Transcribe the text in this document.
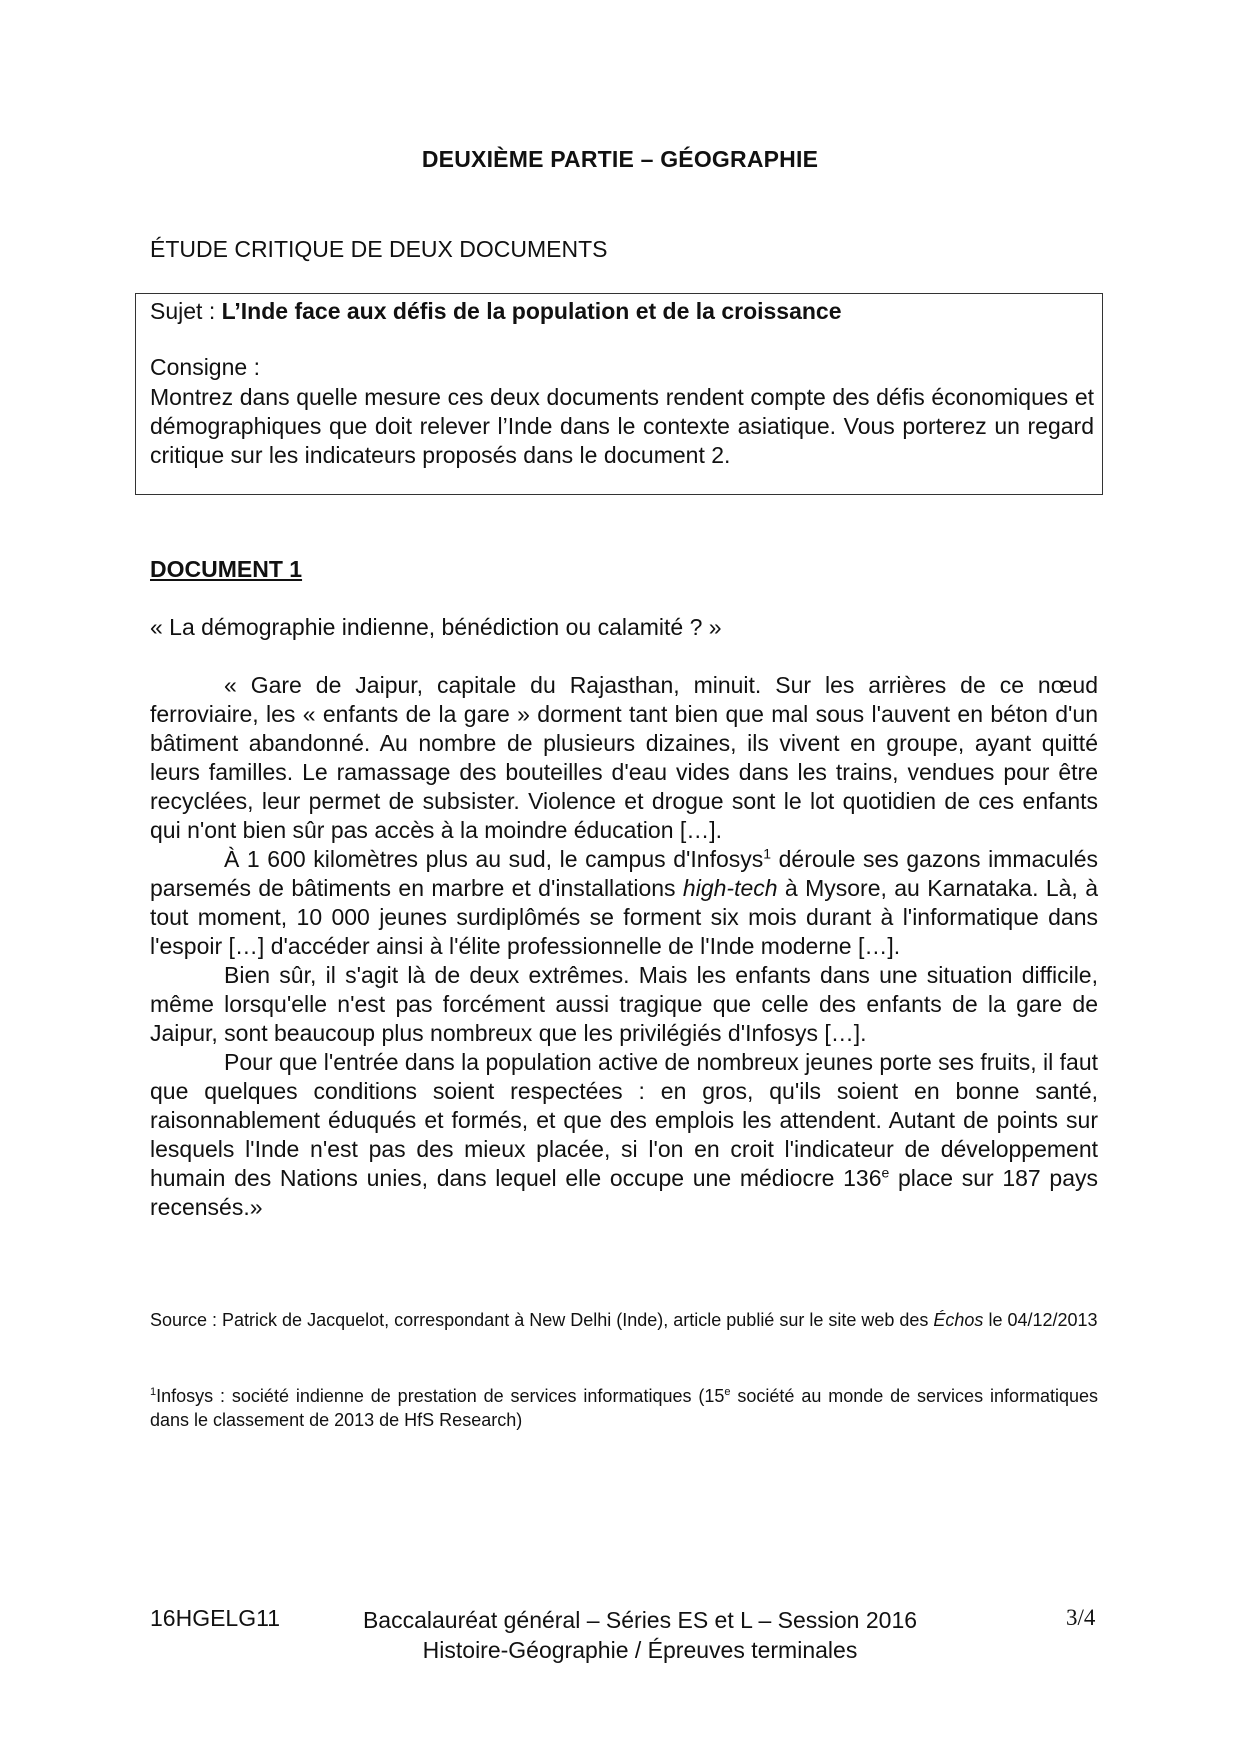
DEUXIÈME PARTIE – GÉOGRAPHIE
ÉTUDE CRITIQUE DE DEUX DOCUMENTS
Sujet : L’Inde face aux défis de la population et de la croissance
Consigne :
Montrez dans quelle mesure ces deux documents rendent compte des défis économiques et démographiques que doit relever l’Inde dans le contexte asiatique. Vous porterez un regard critique sur les indicateurs proposés dans le document 2.
DOCUMENT 1
« La démographie indienne, bénédiction ou calamité ? »

« Gare de Jaipur, capitale du Rajasthan, minuit. Sur les arrières de ce nœud ferroviaire, les « enfants de la gare » dorment tant bien que mal sous l'auvent en béton d'un bâtiment abandonné. Au nombre de plusieurs dizaines, ils vivent en groupe, ayant quitté leurs familles. Le ramassage des bouteilles d'eau vides dans les trains, vendues pour être recyclées, leur permet de subsister. Violence et drogue sont le lot quotidien de ces enfants qui n'ont bien sûr pas accès à la moindre éducation […].

À 1 600 kilomètres plus au sud, le campus d'Infosys$^1$ déroule ses gazons immaculés parsemés de bâtiments en marbre et d'installations high-tech à Mysore, au Karnataka. Là, à tout moment, 10 000 jeunes surdiplômés se forment six mois durant à l'informatique dans l'espoir […] d'accéder ainsi à l'élite professionnelle de l'Inde moderne […].

Bien sûr, il s'agit là de deux extrêmes. Mais les enfants dans une situation difficile, même lorsqu'elle n'est pas forcément aussi tragique que celle des enfants de la gare de Jaipur, sont beaucoup plus nombreux que les privilégiés d'Infosys […].

Pour que l'entrée dans la population active de nombreux jeunes porte ses fruits, il faut que quelques conditions soient respectées : en gros, qu'ils soient en bonne santé, raisonnablement éduqués et formés, et que des emplois les attendent. Autant de points sur lesquels l'Inde n'est pas des mieux placée, si l'on en croit l'indicateur de développement humain des Nations unies, dans lequel elle occupe une médiocre 136e place sur 187 pays recensés.»

Source : Patrick de Jacquelot, correspondant à New Delhi (Inde), article publié sur le site web des Échos le 04/12/2013
$^1$Infosys : société indienne de prestation de services informatiques (15e société au monde de services informatiques dans le classement de 2013 de HfS Research)
16HGELG11	Baccalauréat général – Séries ES et L – Session 2016
Histoire-Géographie / Épreuves terminales
3/4
